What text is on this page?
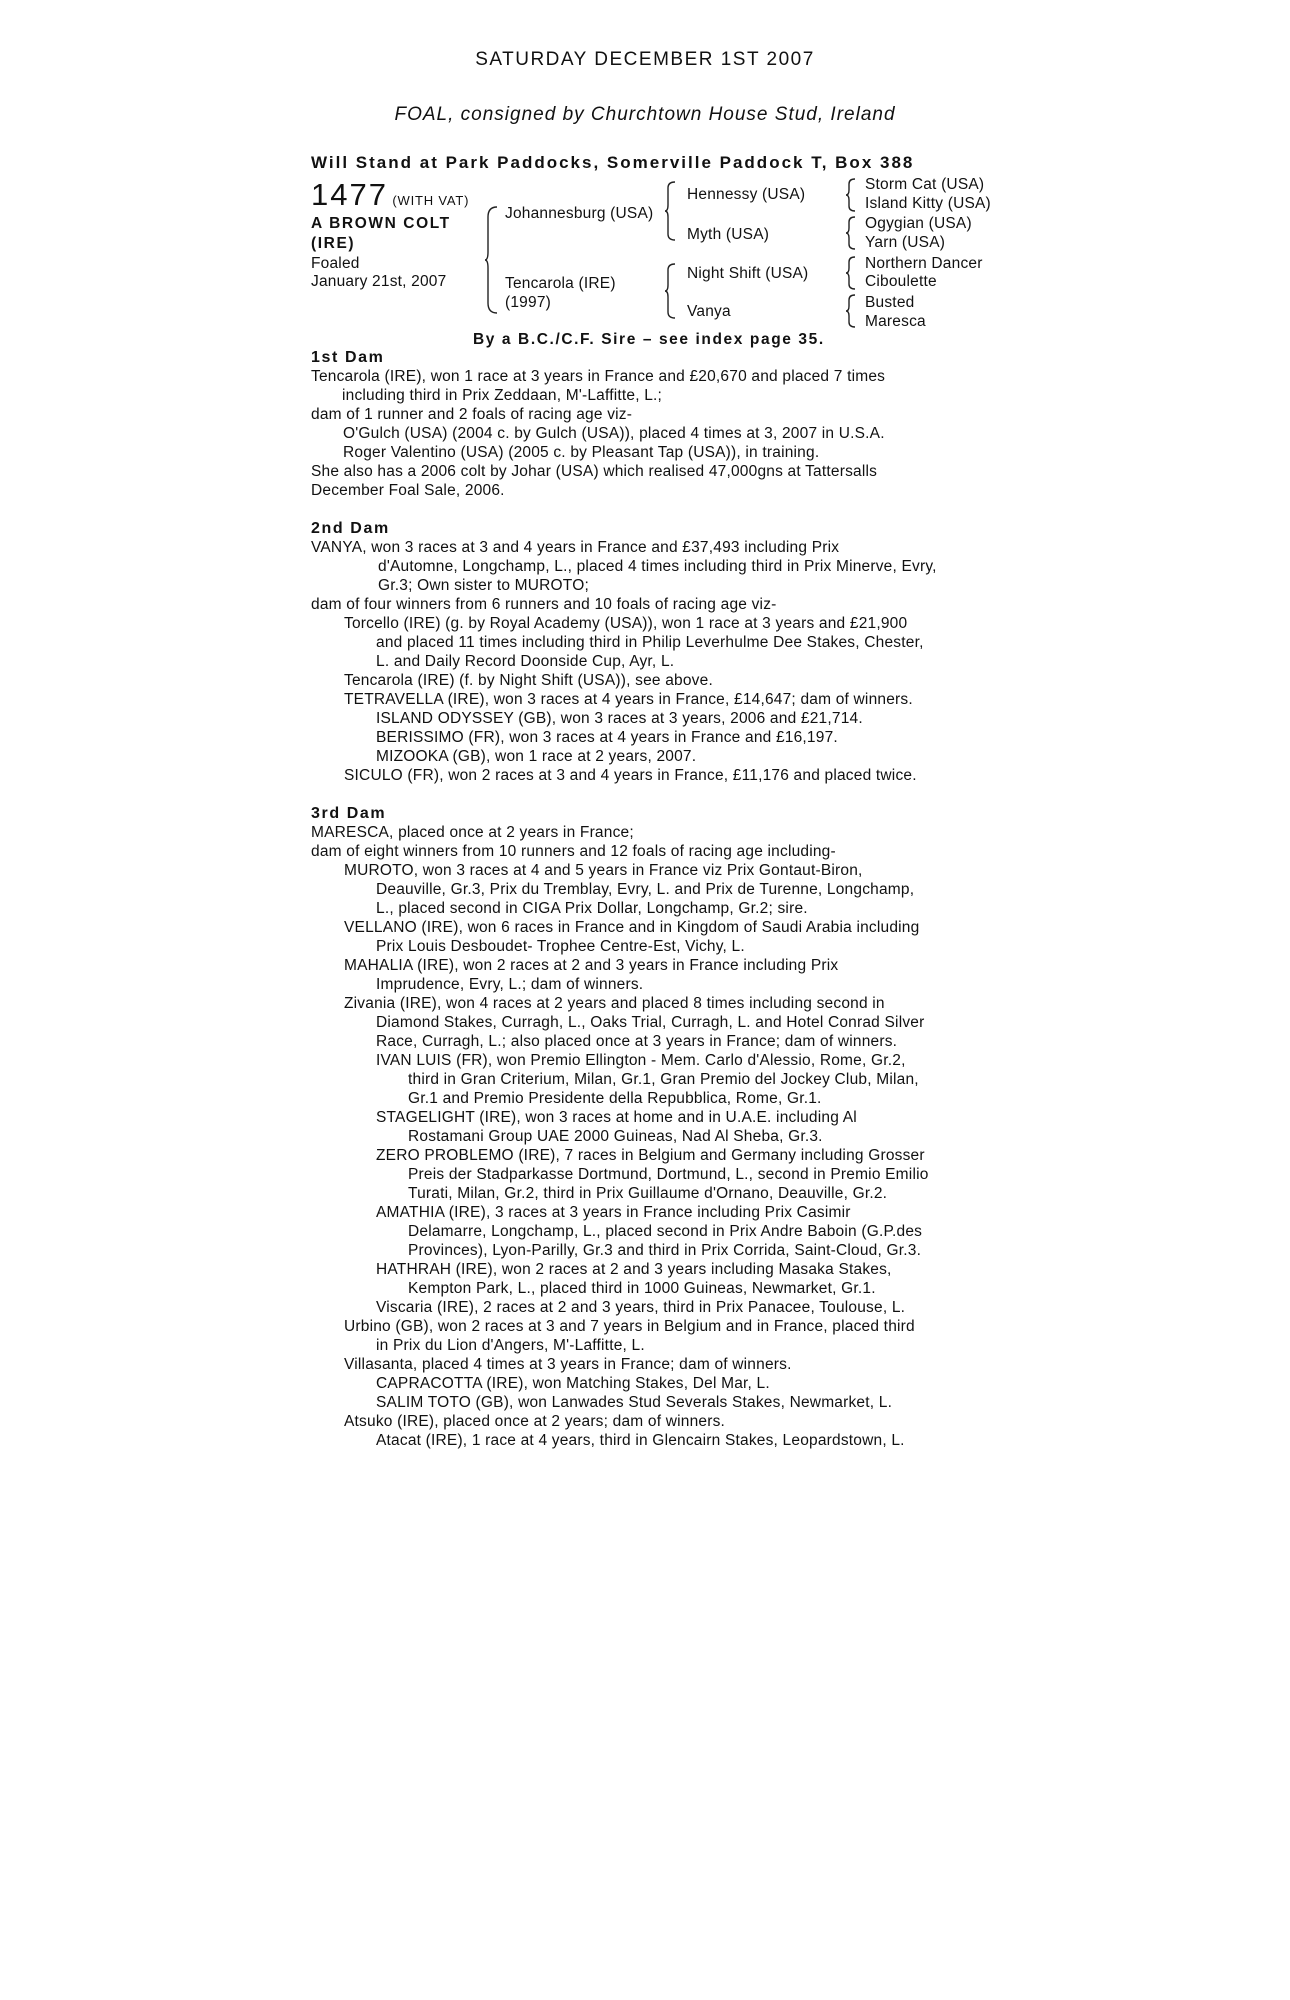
SATURDAY DECEMBER 1ST 2007
FOAL, consigned by Churchtown House Stud, Ireland
Will Stand at Park Paddocks, Somerville Paddock T, Box 388
1477 (WITH VAT)
A BROWN COLT
(IRE)
Foaled
January 21st, 2007
Johannesburg (USA)
Tencarola (IRE)
(1997)
Hennessy (USA)
Myth (USA)
Night Shift (USA)
Vanya
Storm Cat (USA)
Island Kitty (USA)
Ogygian (USA)
Yarn (USA)
Northern Dancer
Ciboulette
Busted
Maresca
By a B.C./C.F. Sire – see index page 35.
1st Dam
Tencarola (IRE), won 1 race at 3 years in France and £20,670 and placed 7 times
including third in Prix Zeddaan, M'-Laffitte, L.;
dam of 1 runner and 2 foals of racing age viz-
O'Gulch (USA) (2004 c. by Gulch (USA)), placed 4 times at 3, 2007 in U.S.A.
Roger Valentino (USA) (2005 c. by Pleasant Tap (USA)), in training.
She also has a 2006 colt by Johar (USA) which realised 47,000gns at Tattersalls
December Foal Sale, 2006.
2nd Dam
VANYA, won 3 races at 3 and 4 years in France and £37,493 including Prix
d'Automne, Longchamp, L., placed 4 times including third in Prix Minerve, Evry,
Gr.3; Own sister to MUROTO;
dam of four winners from 6 runners and 10 foals of racing age viz-
Torcello (IRE) (g. by Royal Academy (USA)), won 1 race at 3 years and £21,900
and placed 11 times including third in Philip Leverhulme Dee Stakes, Chester,
L. and Daily Record Doonside Cup, Ayr, L.
Tencarola (IRE) (f. by Night Shift (USA)), see above.
TETRAVELLA (IRE), won 3 races at 4 years in France, £14,647; dam of winners.
ISLAND ODYSSEY (GB), won 3 races at 3 years, 2006 and £21,714.
BERISSIMO (FR), won 3 races at 4 years in France and £16,197.
MIZOOKA (GB), won 1 race at 2 years, 2007.
SICULO (FR), won 2 races at 3 and 4 years in France, £11,176 and placed twice.
3rd Dam
MARESCA, placed once at 2 years in France;
dam of eight winners from 10 runners and 12 foals of racing age including-
MUROTO, won 3 races at 4 and 5 years in France viz Prix Gontaut-Biron,
Deauville, Gr.3, Prix du Tremblay, Evry, L. and Prix de Turenne, Longchamp,
L., placed second in CIGA Prix Dollar, Longchamp, Gr.2; sire.
VELLANO (IRE), won 6 races in France and in Kingdom of Saudi Arabia including
Prix Louis Desboudet- Trophee Centre-Est, Vichy, L.
MAHALIA (IRE), won 2 races at 2 and 3 years in France including Prix
Imprudence, Evry, L.; dam of winners.
Zivania (IRE), won 4 races at 2 years and placed 8 times including second in
Diamond Stakes, Curragh, L., Oaks Trial, Curragh, L. and Hotel Conrad Silver
Race, Curragh, L.; also placed once at 3 years in France; dam of winners.
IVAN LUIS (FR), won Premio Ellington - Mem. Carlo d'Alessio, Rome, Gr.2,
third in Gran Criterium, Milan, Gr.1, Gran Premio del Jockey Club, Milan,
Gr.1 and Premio Presidente della Repubblica, Rome, Gr.1.
STAGELIGHT (IRE), won 3 races at home and in U.A.E. including Al
Rostamani Group UAE 2000 Guineas, Nad Al Sheba, Gr.3.
ZERO PROBLEMO (IRE), 7 races in Belgium and Germany including Grosser
Preis der Stadparkasse Dortmund, Dortmund, L., second in Premio Emilio
Turati, Milan, Gr.2, third in Prix Guillaume d'Ornano, Deauville, Gr.2.
AMATHIA (IRE), 3 races at 3 years in France including Prix Casimir
Delamarre, Longchamp, L., placed second in Prix Andre Baboin (G.P.des
Provinces), Lyon-Parilly, Gr.3 and third in Prix Corrida, Saint-Cloud, Gr.3.
HATHRAH (IRE), won 2 races at 2 and 3 years including Masaka Stakes,
Kempton Park, L., placed third in 1000 Guineas, Newmarket, Gr.1.
Viscaria (IRE), 2 races at 2 and 3 years, third in Prix Panacee, Toulouse, L.
Urbino (GB), won 2 races at 3 and 7 years in Belgium and in France, placed third
in Prix du Lion d'Angers, M'-Laffitte, L.
Villasanta, placed 4 times at 3 years in France; dam of winners.
CAPRACOTTA (IRE), won Matching Stakes, Del Mar, L.
SALIM TOTO (GB), won Lanwades Stud Severals Stakes, Newmarket, L.
Atsuko (IRE), placed once at 2 years; dam of winners.
Atacat (IRE), 1 race at 4 years, third in Glencairn Stakes, Leopardstown, L.
